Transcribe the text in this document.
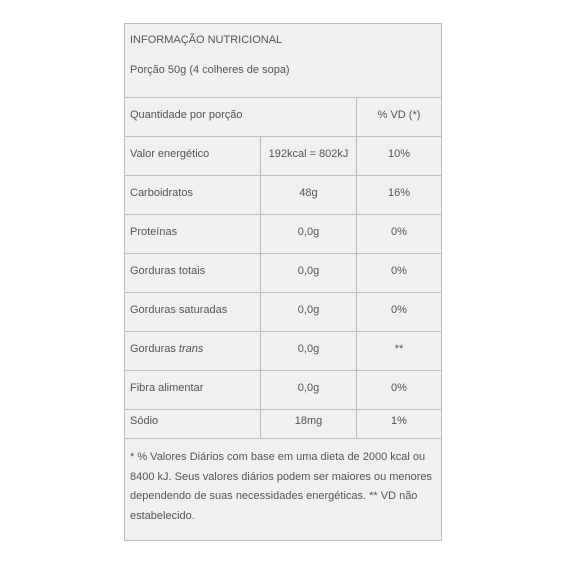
INFORMAÇÃO NUTRICIONAL
Porção 50g (4 colheres de sopa)
Quantidade por porção	% VD (*)
Valor energético	192kcal = 802kJ	10%
Carboidratos	48g	16%
Proteínas	0,0g	0%
Gorduras totais	0,0g	0%
Gorduras saturadas	0,0g	0%
Gorduras trans	0,0g	**
Fibra alimentar	0,0g	0%
Sódio	18mg	1%
* % Valores Diários com base em uma dieta de 2000 kcal ou 8400 kJ. Seus valores diários podem ser maiores ou menores dependendo de suas necessidades energéticas. ** VD não estabelecido.
